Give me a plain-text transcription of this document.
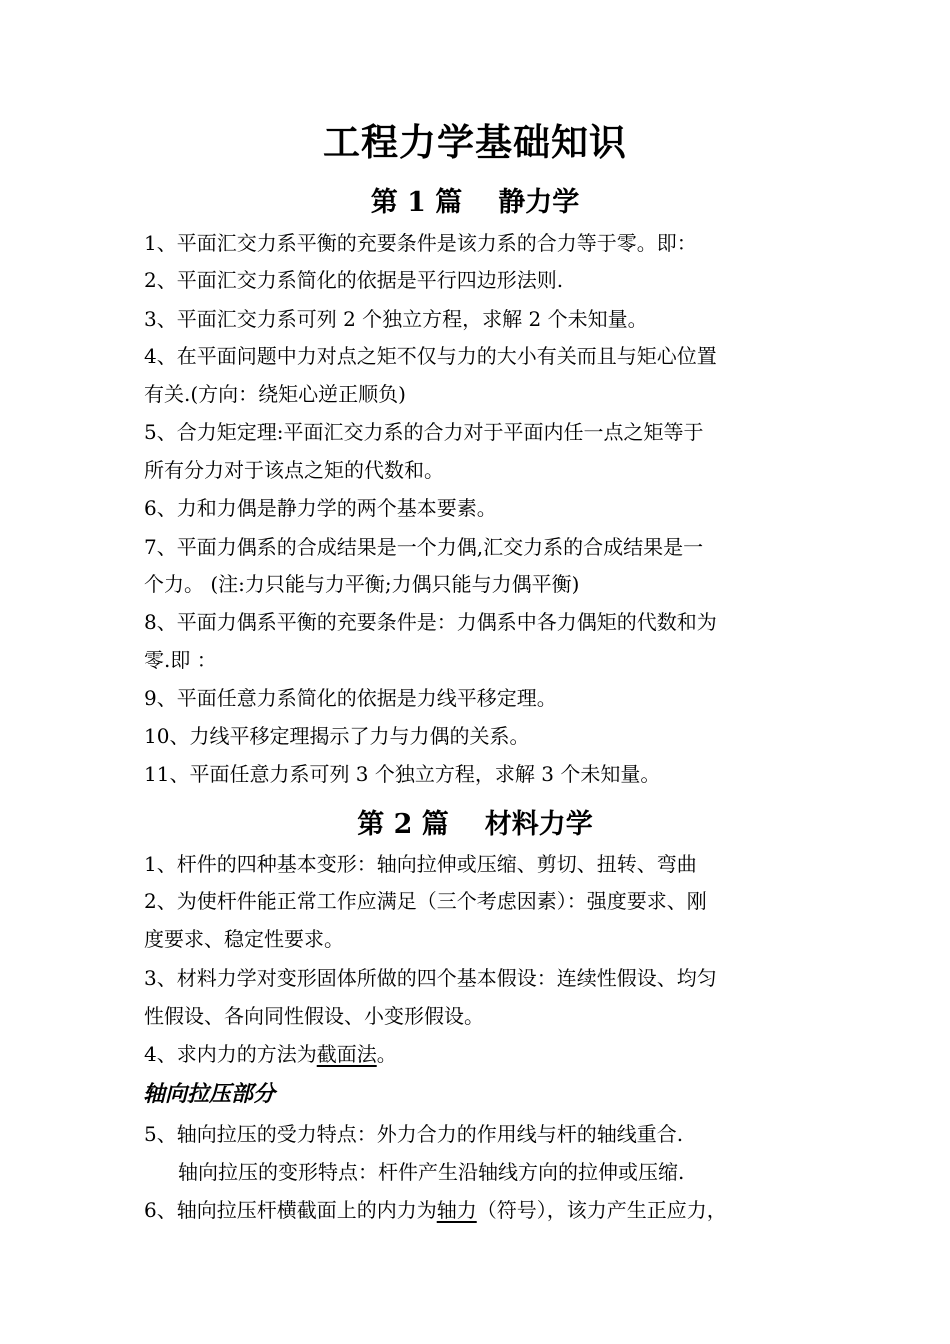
工程力学基础知识
第 1 篇 静力学
1、平面汇交力系平衡的充要条件是该力系的合力等于零。即：
2、平面汇交力系简化的依据是平行四边形法则.
3、平面汇交力系可列 2 个独立方程，求解 2 个未知量。
4、在平面问题中力对点之矩不仅与力的大小有关而且与矩心位置
有关.(方向：绕矩心逆正顺负)
5、合力矩定理:平面汇交力系的合力对于平面内任一点之矩等于
所有分力对于该点之矩的代数和。
6、力和力偶是静力学的两个基本要素。
7、平面力偶系的合成结果是一个力偶,汇交力系的合成结果是一
个力。 (注:力只能与力平衡;力偶只能与力偶平衡)
8、平面力偶系平衡的充要条件是：力偶系中各力偶矩的代数和为
零.即 ：
9、平面任意力系简化的依据是力线平移定理。
10、力线平移定理揭示了力与力偶的关系。
11、平面任意力系可列 3 个独立方程，求解 3 个未知量。
第 2 篇 材料力学
1、杆件的四种基本变形：轴向拉伸或压缩、剪切、扭转、弯曲
2、为使杆件能正常工作应满足（三个考虑因素）：强度要求、刚
度要求、稳定性要求。
3、材料力学对变形固体所做的四个基本假设：连续性假设、均匀
性假设、各向同性假设、小变形假设。
4、求内力的方法为截面法。
轴向拉压部分
5、轴向拉压的受力特点：外力合力的作用线与杆的轴线重合.
轴向拉压的变形特点：杆件产生沿轴线方向的拉伸或压缩.
6、轴向拉压杆横截面上的内力为轴力（符号），该力产生正应力，
